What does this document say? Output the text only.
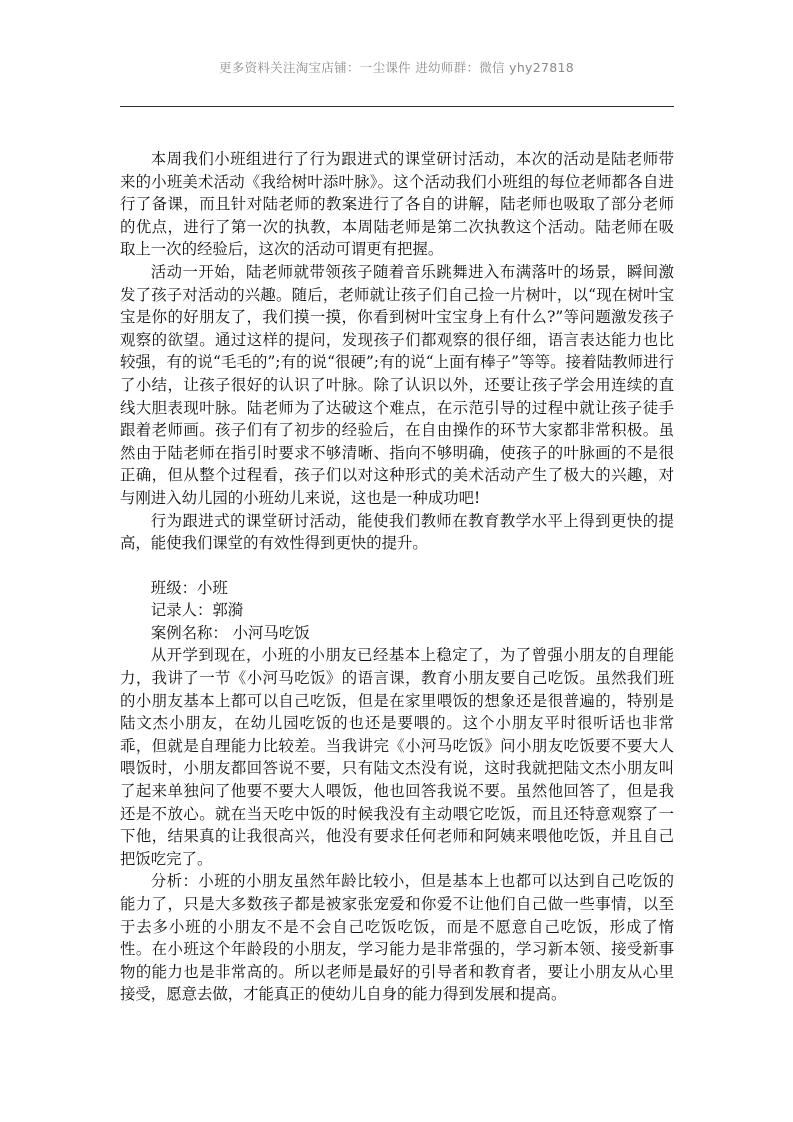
更多资料关注淘宝店铺：一尘课件 进幼师群：微信 yhy27818

本周我们小班组进行了行为跟进式的课堂研讨活动，本次的活动是陆老师带来的小班美术活动《我给树叶添叶脉》。这个活动我们小班组的每位老师都各自进行了备课，而且针对陆老师的教案进行了各自的讲解，陆老师也吸取了部分老师的优点，进行了第一次的执教，本周陆老师是第二次执教这个活动。陆老师在吸取上一次的经验后，这次的活动可谓更有把握。

活动一开始，陆老师就带领孩子随着音乐跳舞进入布满落叶的场景，瞬间激发了孩子对活动的兴趣。随后，老师就让孩子们自己捡一片树叶，以“现在树叶宝宝是你的好朋友了，我们摸一摸，你看到树叶宝宝身上有什么?”等问题激发孩子观察的欲望。通过这样的提问，发现孩子们都观察的很仔细，语言表达能力也比较强，有的说“毛毛的”;有的说“很硬”;有的说“上面有棒子”等等。接着陆教师进行了小结，让孩子很好的认识了叶脉。除了认识以外，还要让孩子学会用连续的直线大胆表现叶脉。陆老师为了达破这个难点，在示范引导的过程中就让孩子徒手跟着老师画。孩子们有了初步的经验后，在自由操作的环节大家都非常积极。虽然由于陆老师在指引时要求不够清晰、指向不够明确，使孩子的叶脉画的不是很正确，但从整个过程看，孩子们以对这种形式的美术活动产生了极大的兴趣，对与刚进入幼儿园的小班幼儿来说，这也是一种成功吧!

行为跟进式的课堂研讨活动，能使我们教师在教育教学水平上得到更快的提高，能使我们课堂的有效性得到更快的提升。

班级：小班

记录人：郭漪

案例名称： 小河马吃饭

从开学到现在，小班的小朋友已经基本上稳定了，为了曾强小朋友的自理能力，我讲了一节《小河马吃饭》的语言课，教育小朋友要自己吃饭。虽然我们班的小朋友基本上都可以自己吃饭，但是在家里喂饭的想象还是很普遍的，特别是陆文杰小朋友，在幼儿园吃饭的也还是要喂的。这个小朋友平时很听话也非常乖，但就是自理能力比较差。当我讲完《小河马吃饭》问小朋友吃饭要不要大人喂饭时，小朋友都回答说不要，只有陆文杰没有说，这时我就把陆文杰小朋友叫了起来单独问了他要不要大人喂饭，他也回答我说不要。虽然他回答了，但是我还是不放心。就在当天吃中饭的时候我没有主动喂它吃饭，而且还特意观察了一下他，结果真的让我很高兴，他没有要求任何老师和阿姨来喂他吃饭，并且自己把饭吃完了。

分析：小班的小朋友虽然年龄比较小，但是基本上也都可以达到自己吃饭的能力了，只是大多数孩子都是被家张宠爱和你爱不让他们自己做一些事情，以至于去多小班的小朋友不是不会自己吃饭吃饭，而是不愿意自己吃饭，形成了惰性。在小班这个年龄段的小朋友，学习能力是非常强的，学习新本领、接受新事物的能力也是非常高的。所以老师是最好的引导者和教育者，要让小朋友从心里接受，愿意去做，才能真正的使幼儿自身的能力得到发展和提高。
